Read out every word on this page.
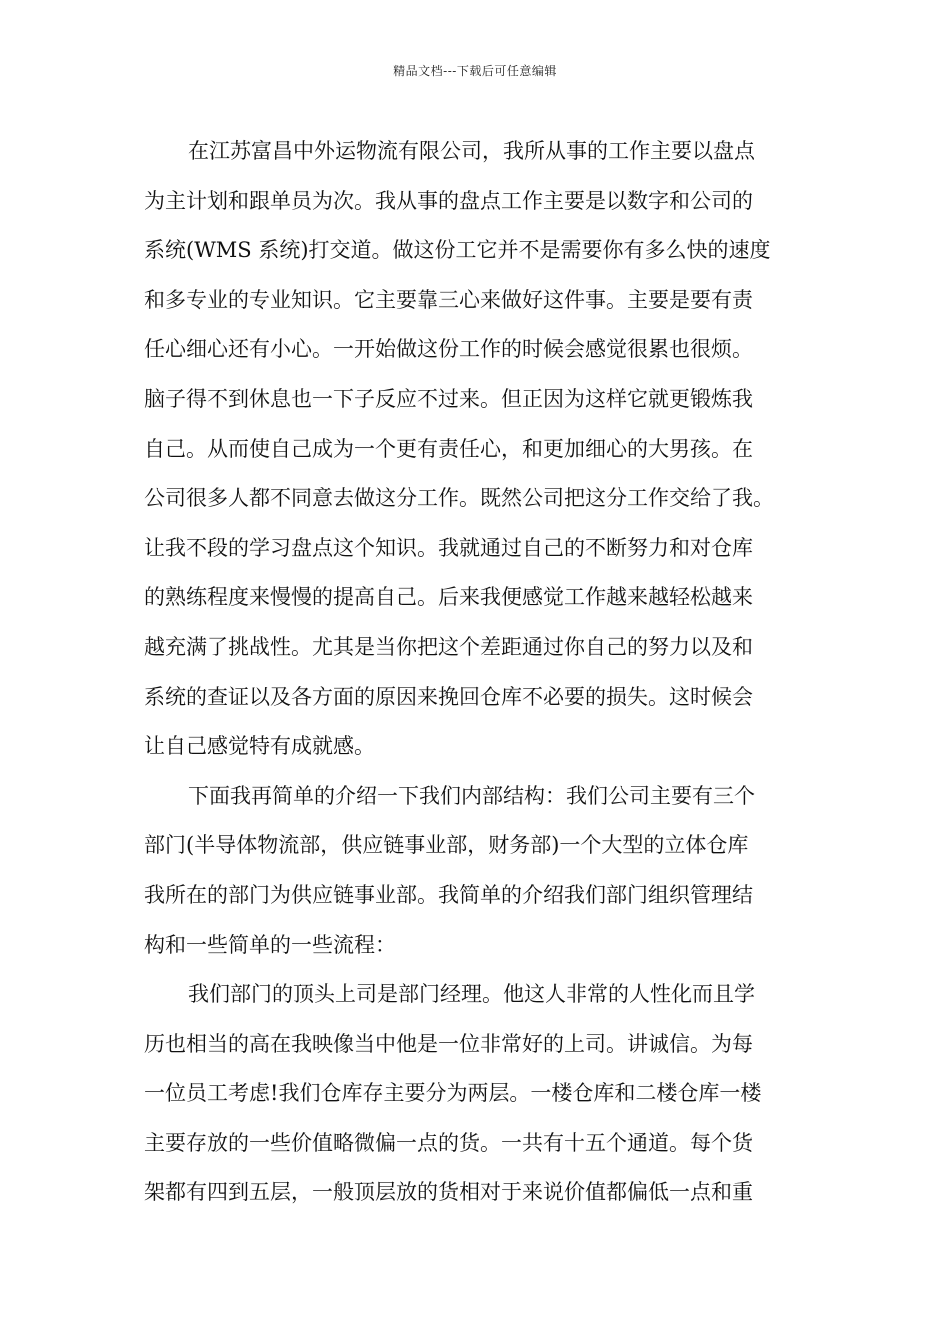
精品文档---下载后可任意编辑

在江苏富昌中外运物流有限公司，我所从事的工作主要以盘点
为主计划和跟单员为次。我从事的盘点工作主要是以数字和公司的
系统(WMS 系统)打交道。做这份工它并不是需要你有多么快的速度
和多专业的专业知识。它主要靠三心来做好这件事。主要是要有责
任心细心还有小心。一开始做这份工作的时候会感觉很累也很烦。
脑子得不到休息也一下子反应不过来。但正因为这样它就更锻炼我
自己。从而使自己成为一个更有责任心，和更加细心的大男孩。在
公司很多人都不同意去做这分工作。既然公司把这分工作交给了我。
让我不段的学习盘点这个知识。我就通过自己的不断努力和对仓库
的熟练程度来慢慢的提高自己。后来我便感觉工作越来越轻松越来
越充满了挑战性。尤其是当你把这个差距通过你自己的努力以及和
系统的查证以及各方面的原因来挽回仓库不必要的损失。这时候会
让自己感觉特有成就感。

下面我再简单的介绍一下我们内部结构：我们公司主要有三个
部门(半导体物流部，供应链事业部，财务部)一个大型的立体仓库
我所在的部门为供应链事业部。我简单的介绍我们部门组织管理结
构和一些简单的一些流程：

我们部门的顶头上司是部门经理。他这人非常的人性化而且学
历也相当的高在我映像当中他是一位非常好的上司。讲诚信。为每
一位员工考虑!我们仓库存主要分为两层。一楼仓库和二楼仓库一楼
主要存放的一些价值略微偏一点的货。一共有十五个通道。每个货
架都有四到五层，一般顶层放的货相对于来说价值都偏低一点和重
